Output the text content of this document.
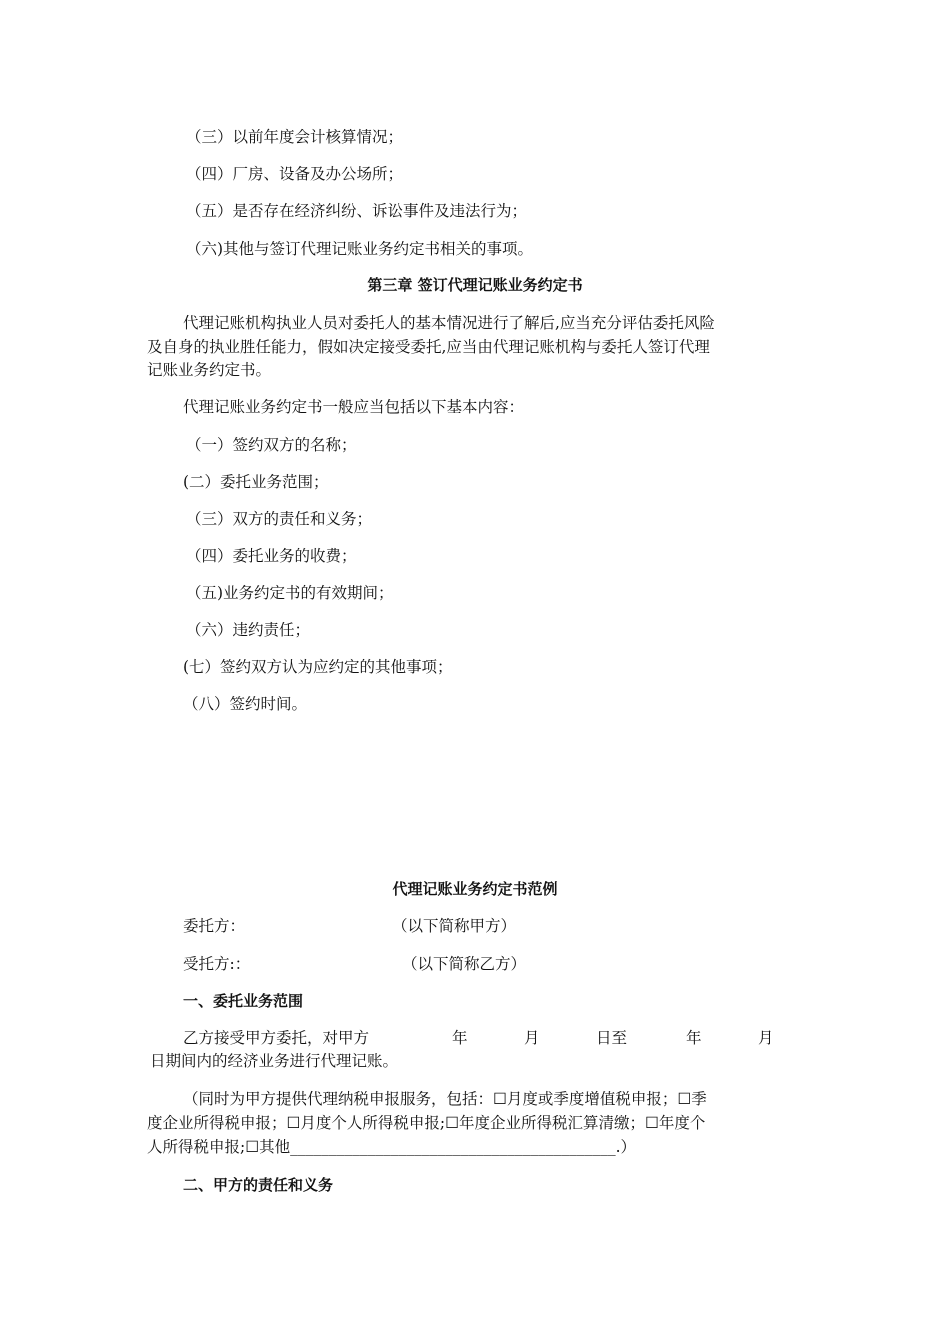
（三）以前年度会计核算情况；
（四）厂房、设备及办公场所；
（五）是否存在经济纠纷、诉讼事件及违法行为；
（六)其他与签订代理记账业务约定书相关的事项。
第三章 签订代理记账业务约定书
代理记账机构执业人员对委托人的基本情况进行了解后,应当充分评估委托风险
及自身的执业胜任能力，假如决定接受委托,应当由代理记账机构与委托人签订代理
记账业务约定书。
代理记账业务约定书一般应当包括以下基本内容：
（一）签约双方的名称；
(二）委托业务范围；
（三）双方的责任和义务；
（四）委托业务的收费；
（五)业务约定书的有效期间；
（六）违约责任；
(七）签约双方认为应约定的其他事项；
（八）签约时间。
代理记账业务约定书范例
委托方：	（以下简称甲方）
受托方:：	（以下简称乙方）
一、委托业务范围
乙方接受甲方委托，对甲方	年	月	日至	年	月
日期间内的经济业务进行代理记账。
（同时为甲方提供代理纳税申报服务，包括：☐月度或季度增值税申报；☐季
度企业所得税申报；☐月度个人所得税申报;☐年度企业所得税汇算清缴；☐年度个
人所得税申报;☐其他__________________________________________.）
二、甲方的责任和义务
